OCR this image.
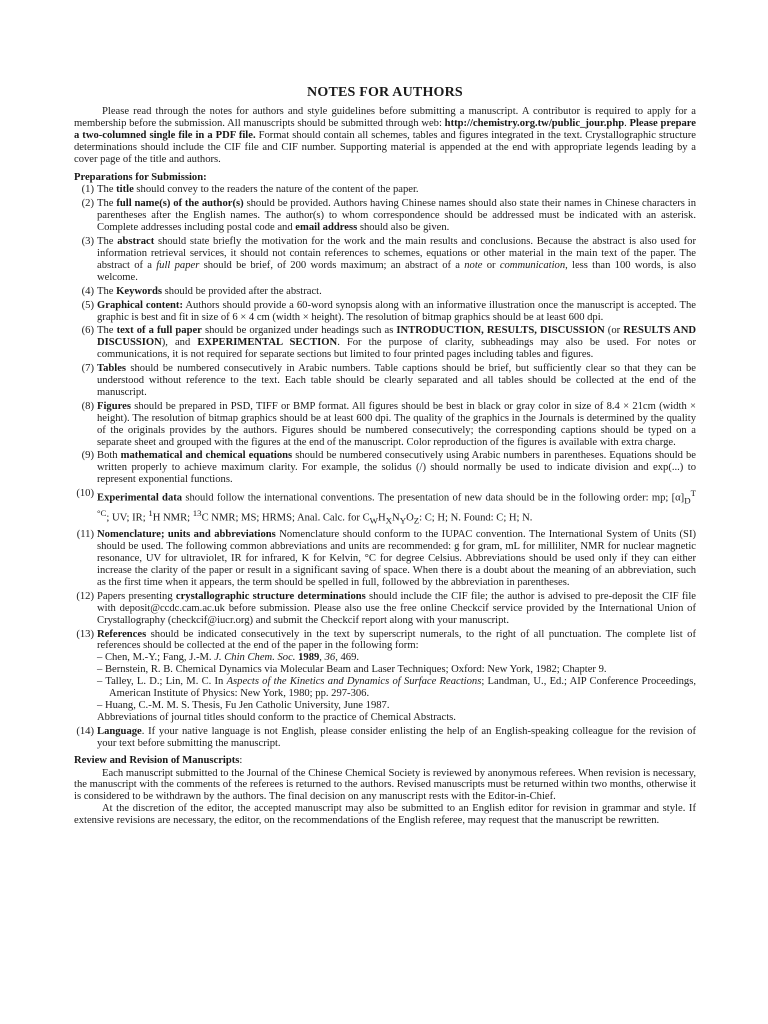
NOTES FOR AUTHORS

Please read through the notes for authors and style guidelines before submitting a manuscript. A contributor is required to apply for a membership before the submission. All manuscripts should be submitted through web: http://chemistry.org.tw/public_jour.php. Please prepare a two-columned single file in a PDF file. Format should contain all schemes, tables and figures integrated in the text. Crystallographic structure determinations should include the CIF file and CIF number. Supporting material is appended at the end with appropriate legends leading by a cover page of the title and authors.

Preparations for Submission:
(1) The title should convey to the readers the nature of the content of the paper.
(2) The full name(s) of the author(s) should be provided. Authors having Chinese names should also state their names in Chinese characters in parentheses after the English names. The author(s) to whom correspondence should be addressed must be indicated with an asterisk. Complete addresses including postal code and email address should also be given.
(3) The abstract should state briefly the motivation for the work and the main results and conclusions. Because the abstract is also used for information retrieval services, it should not contain references to schemes, equations or other material in the main text of the paper. The abstract of a full paper should be brief, of 200 words maximum; an abstract of a note or communication, less than 100 words, is also welcome.
(4) The Keywords should be provided after the abstract.
(5) Graphical content: Authors should provide a 60-word synopsis along with an informative illustration once the manuscript is accepted. The graphic is best and fit in size of 6 × 4 cm (width × height). The resolution of bitmap graphics should be at least 600 dpi.
(6) The text of a full paper should be organized under headings such as INTRODUCTION, RESULTS, DISCUSSION (or RESULTS AND DISCUSSION), and EXPERIMENTAL SECTION. For the purpose of clarity, subheadings may also be used. For notes or communications, it is not required for separate sections but limited to four printed pages including tables and figures.
(7) Tables should be numbered consecutively in Arabic numbers. Table captions should be brief, but sufficiently clear so that they can be understood without reference to the text. Each table should be clearly separated and all tables should be collected at the end of the manuscript.
(8) Figures should be prepared in PSD, TIFF or BMP format. All figures should be best in black or gray color in size of 8.4 × 21cm (width × height). The resolution of bitmap graphics should be at least 600 dpi. The quality of the graphics in the Journals is determined by the quality of the originals provides by the authors. Figures should be numbered consecutively; the corresponding captions should be typed on a separate sheet and grouped with the figures at the end of the manuscript. Color reproduction of the figures is available with extra charge.
(9) Both mathematical and chemical equations should be numbered consecutively using Arabic numbers in parentheses. Equations should be written properly to achieve maximum clarity. For example, the solidus (/) should normally be used to indicate division and exp(...) to represent exponential functions.
(10) Experimental data should follow the international conventions. The presentation of new data should be in the following order: mp; $[\alpha]_D^{T ^\circ C}$; UV; IR; $^1$H NMR; $^{13}$C NMR; MS; HRMS; Anal. Calc. for $C_WH_XN_YO_Z$: C; H; N. Found: C; H; N.
(11) Nomenclature; units and abbreviations Nomenclature should conform to the IUPAC convention. The International System of Units (SI) should be used. The following common abbreviations and units are recommended: g for gram, mL for milliliter, NMR for nuclear magnetic resonance, UV for ultraviolet, IR for infrared, K for Kelvin, °C for degree Celsius. Abbreviations should be used only if they can either increase the clarity of the paper or result in a significant saving of space. When there is a doubt about the meaning of an abbreviation, such as the first time when it appears, the term should be spelled in full, followed by the abbreviation in parentheses.
(12) Papers presenting crystallographic structure determinations should include the CIF file; the author is advised to pre-deposit the CIF file with deposit@ccdc.cam.ac.uk before submission. Please also use the free online Checkcif service provided by the International Union of Crystallography (checkcif@iucr.org) and submit the Checkcif report along with your manuscript.
(13) References should be indicated consecutively in the text by superscript numerals, to the right of all punctuation. The complete list of references should be collected at the end of the paper in the following form:
– Chen, M.-Y.; Fang, J.-M. J. Chin Chem. Soc. 1989, 36, 469.
– Bernstein, R. B. Chemical Dynamics via Molecular Beam and Laser Techniques; Oxford: New York, 1982; Chapter 9.
– Talley, L. D.; Lin, M. C. In Aspects of the Kinetics and Dynamics of Surface Reactions; Landman, U., Ed.; AIP Conference Proceedings, American Institute of Physics: New York, 1980; pp. 297-306.
– Huang, C.-M. M. S. Thesis, Fu Jen Catholic University, June 1987.
Abbreviations of journal titles should conform to the practice of Chemical Abstracts.
(14) Language. If your native language is not English, please consider enlisting the help of an English-speaking colleague for the revision of your text before submitting the manuscript.
Review and Revision of Manuscripts:

Each manuscript submitted to the Journal of the Chinese Chemical Society is reviewed by anonymous referees. When revision is necessary, the manuscript with the comments of the referees is returned to the authors. Revised manuscripts must be returned within two months, otherwise it is considered to be withdrawn by the authors. The final decision on any manuscript rests with the Editor-in-Chief.

At the discretion of the editor, the accepted manuscript may also be submitted to an English editor for revision in grammar and style. If extensive revisions are necessary, the editor, on the recommendations of the English referee, may request that the manuscript be rewritten.
